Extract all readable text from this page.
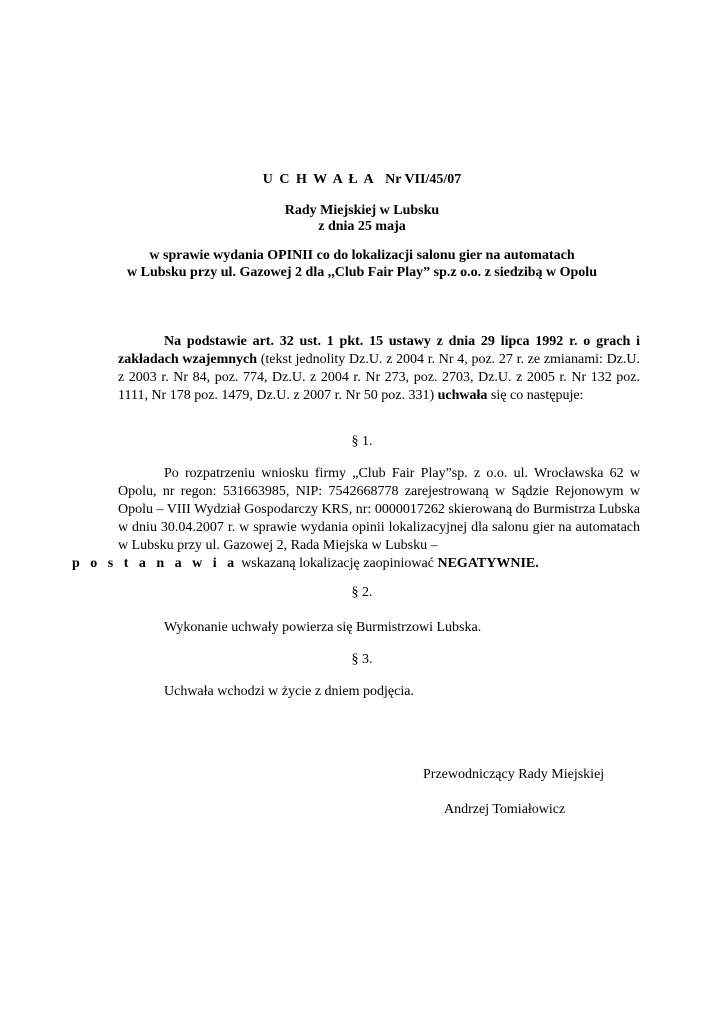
U C H W A Ł A Nr VII/45/07
Rady Miejskiej w Lubsku
z dnia 25 maja
w sprawie wydania OPINII co do lokalizacji salonu gier na automatach
w Lubsku przy ul. Gazowej 2 dla ,,Club Fair Play” sp.z o.o. z siedzibą w Opolu

Na podstawie art. 32 ust. 1 pkt. 15 ustawy z dnia 29 lipca 1992 r. o grach i zakładach wzajemnych (tekst jednolity Dz.U. z 2004 r. Nr 4, poz. 27 r. ze zmianami: Dz.U. z 2003 r. Nr 84, poz. 774, Dz.U. z 2004 r. Nr 273, poz. 2703, Dz.U. z 2005 r. Nr 132 poz. 1111, Nr 178 poz. 1479, Dz.U. z 2007 r. Nr 50 poz. 331) uchwała się co następuje:

§ 1.

Po rozpatrzeniu wniosku firmy „Club Fair Play”sp. z o.o. ul. Wrocławska 62 w Opolu, nr regon: 531663985, NIP: 7542668778 zarejestrowaną w Sądzie Rejonowym w Opolu – VIII Wydział Gospodarczy KRS, nr: 0000017262 skierowaną do Burmistrza Lubska w dniu 30.04.2007 r. w sprawie wydania opinii lokalizacyjnej dla salonu gier na automatach w Lubsku przy ul. Gazowej 2, Rada Miejska w Lubsku –
p o s t a n a w i a wskazaną lokalizację zaopiniować NEGATYWNIE.

§ 2.
Wykonanie uchwały powierza się Burmistrzowi Lubska.
§ 3.
Uchwała wchodzi w życie z dniem podjęcia.
Przewodniczący Rady Miejskiej
Andrzej Tomiałowicz
